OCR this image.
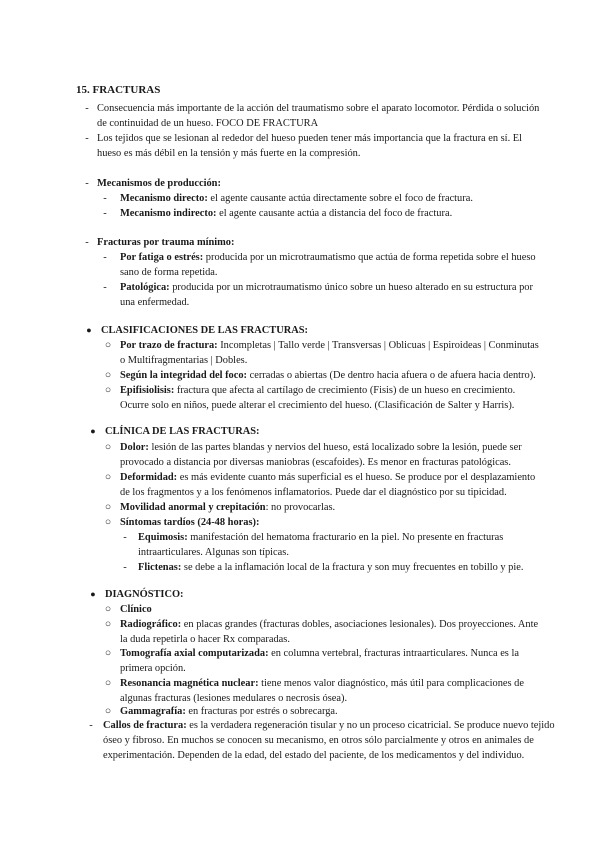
15. FRACTURAS
- Consecuencia más importante de la acción del traumatismo sobre el aparato locomotor. Pérdida o solución de continuidad de un hueso. FOCO DE FRACTURA
- Los tejidos que se lesionan al rededor del hueso pueden tener más importancia que la fractura en sí. El hueso es más débil en la tensión y más fuerte en la compresión.
- Mecanismos de producción:
-	Mecanismo directo: el agente causante actúa directamente sobre el foco de fractura.
-	Mecanismo indirecto: el agente causante actúa a distancia del foco de fractura.
- Fracturas por trauma mínimo:
-	Por fatiga o estrés: producida por un microtraumatismo que actúa de forma repetida sobre el hueso sano de forma repetida.
-	Patológica: producida por un microtraumatismo único sobre un hueso alterado en su estructura por una enfermedad.
● CLASIFICACIONES DE LAS FRACTURAS:
○ Por trazo de fractura: Incompletas | Tallo verde | Transversas | Oblicuas | Espiroideas | Conminutas o Multifragmentarias | Dobles.
○ Según la integridad del foco: cerradas o abiertas (De dentro hacia afuera o de afuera hacia dentro).
○ Epifisiolisis: fractura que afecta al cartílago de crecimiento (Fisis) de un hueso en crecimiento. Ocurre solo en niños, puede alterar el crecimiento del hueso. (Clasificación de Salter y Harris).
● CLÍNICA DE LAS FRACTURAS:
○ Dolor: lesión de las partes blandas y nervios del hueso, está localizado sobre la lesión, puede ser provocado a distancia por diversas maniobras (escafoides). Es menor en fracturas patológicas.
○ Deformidad: es más evidente cuanto más superficial es el hueso. Se produce por el desplazamiento de los fragmentos y a los fenómenos inflamatorios. Puede dar el diagnóstico por su tipicidad.
○ Movilidad anormal y crepitación: no provocarlas.
○ Síntomas tardíos (24-48 horas):
-	Equimosis: manifestación del hematoma fracturario en la piel. No presente en fracturas intraarticulares. Algunas son típicas.
-	Flictenas: se debe a la inflamación local de la fractura y son muy frecuentes en tobillo y pie.
● DIAGNÓSTICO:
○ Clínico
○ Radiográfico: en placas grandes (fracturas dobles, asociaciones lesionales). Dos proyecciones. Ante la duda repetirla o hacer Rx comparadas.
○ Tomografía axial computarizada: en columna vertebral, fracturas intraarticulares. Nunca es la primera opción.
○ Resonancia magnética nuclear: tiene menos valor diagnóstico, más útil para complicaciones de algunas fracturas (lesiones medulares o necrosis ósea).
○ Gammagrafía: en fracturas por estrés o sobrecarga.
- Callos de fractura: es la verdadera regeneración tisular y no un proceso cicatricial. Se produce nuevo tejido óseo y fibroso. En muchos se conocen su mecanismo, en otros sólo parcialmente y otros en animales de experimentación. Dependen de la edad, del estado del paciente, de los medicamentos y del individuo.
